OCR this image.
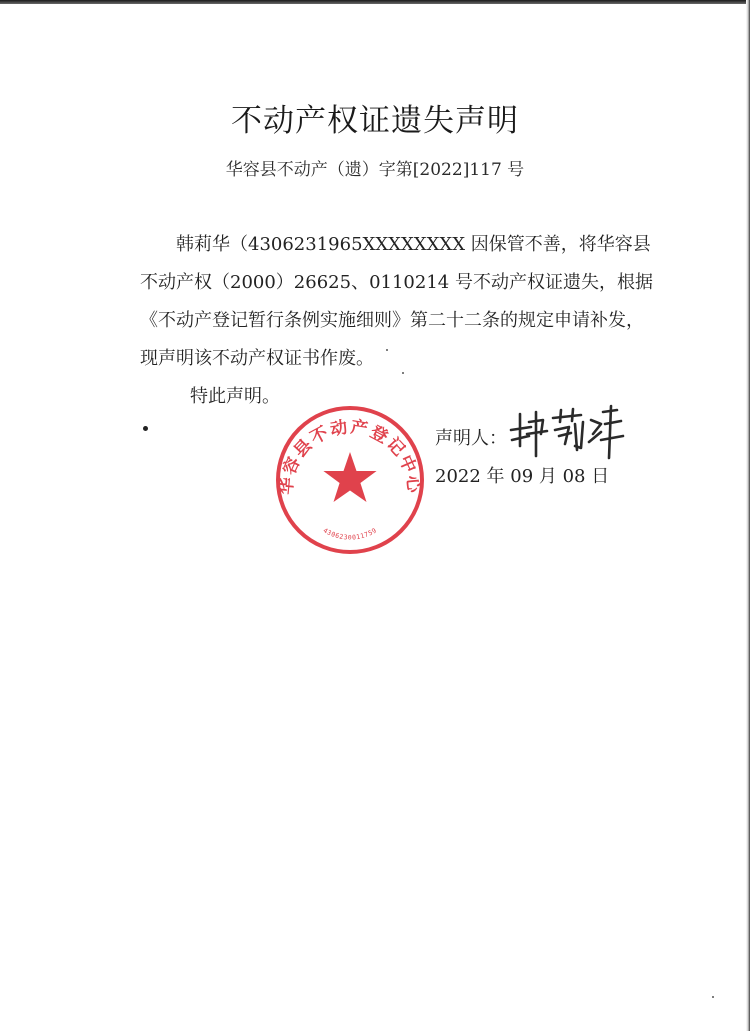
不动产权证遗失声明
华容县不动产（遗）字第[2022]117 号
韩莉华（4306231965XXXXXXXX 因保管不善，将华容县不动产权（2000）26625、0110214 号不动产权证遗失，根据《不动产登记暂行条例实施细则》第二十二条的规定申请补发，现声明该不动产权证书作废。
特此声明。
华容县不动产登记中心
4306230011759
声明人：
2022 年 09 月 08 日
